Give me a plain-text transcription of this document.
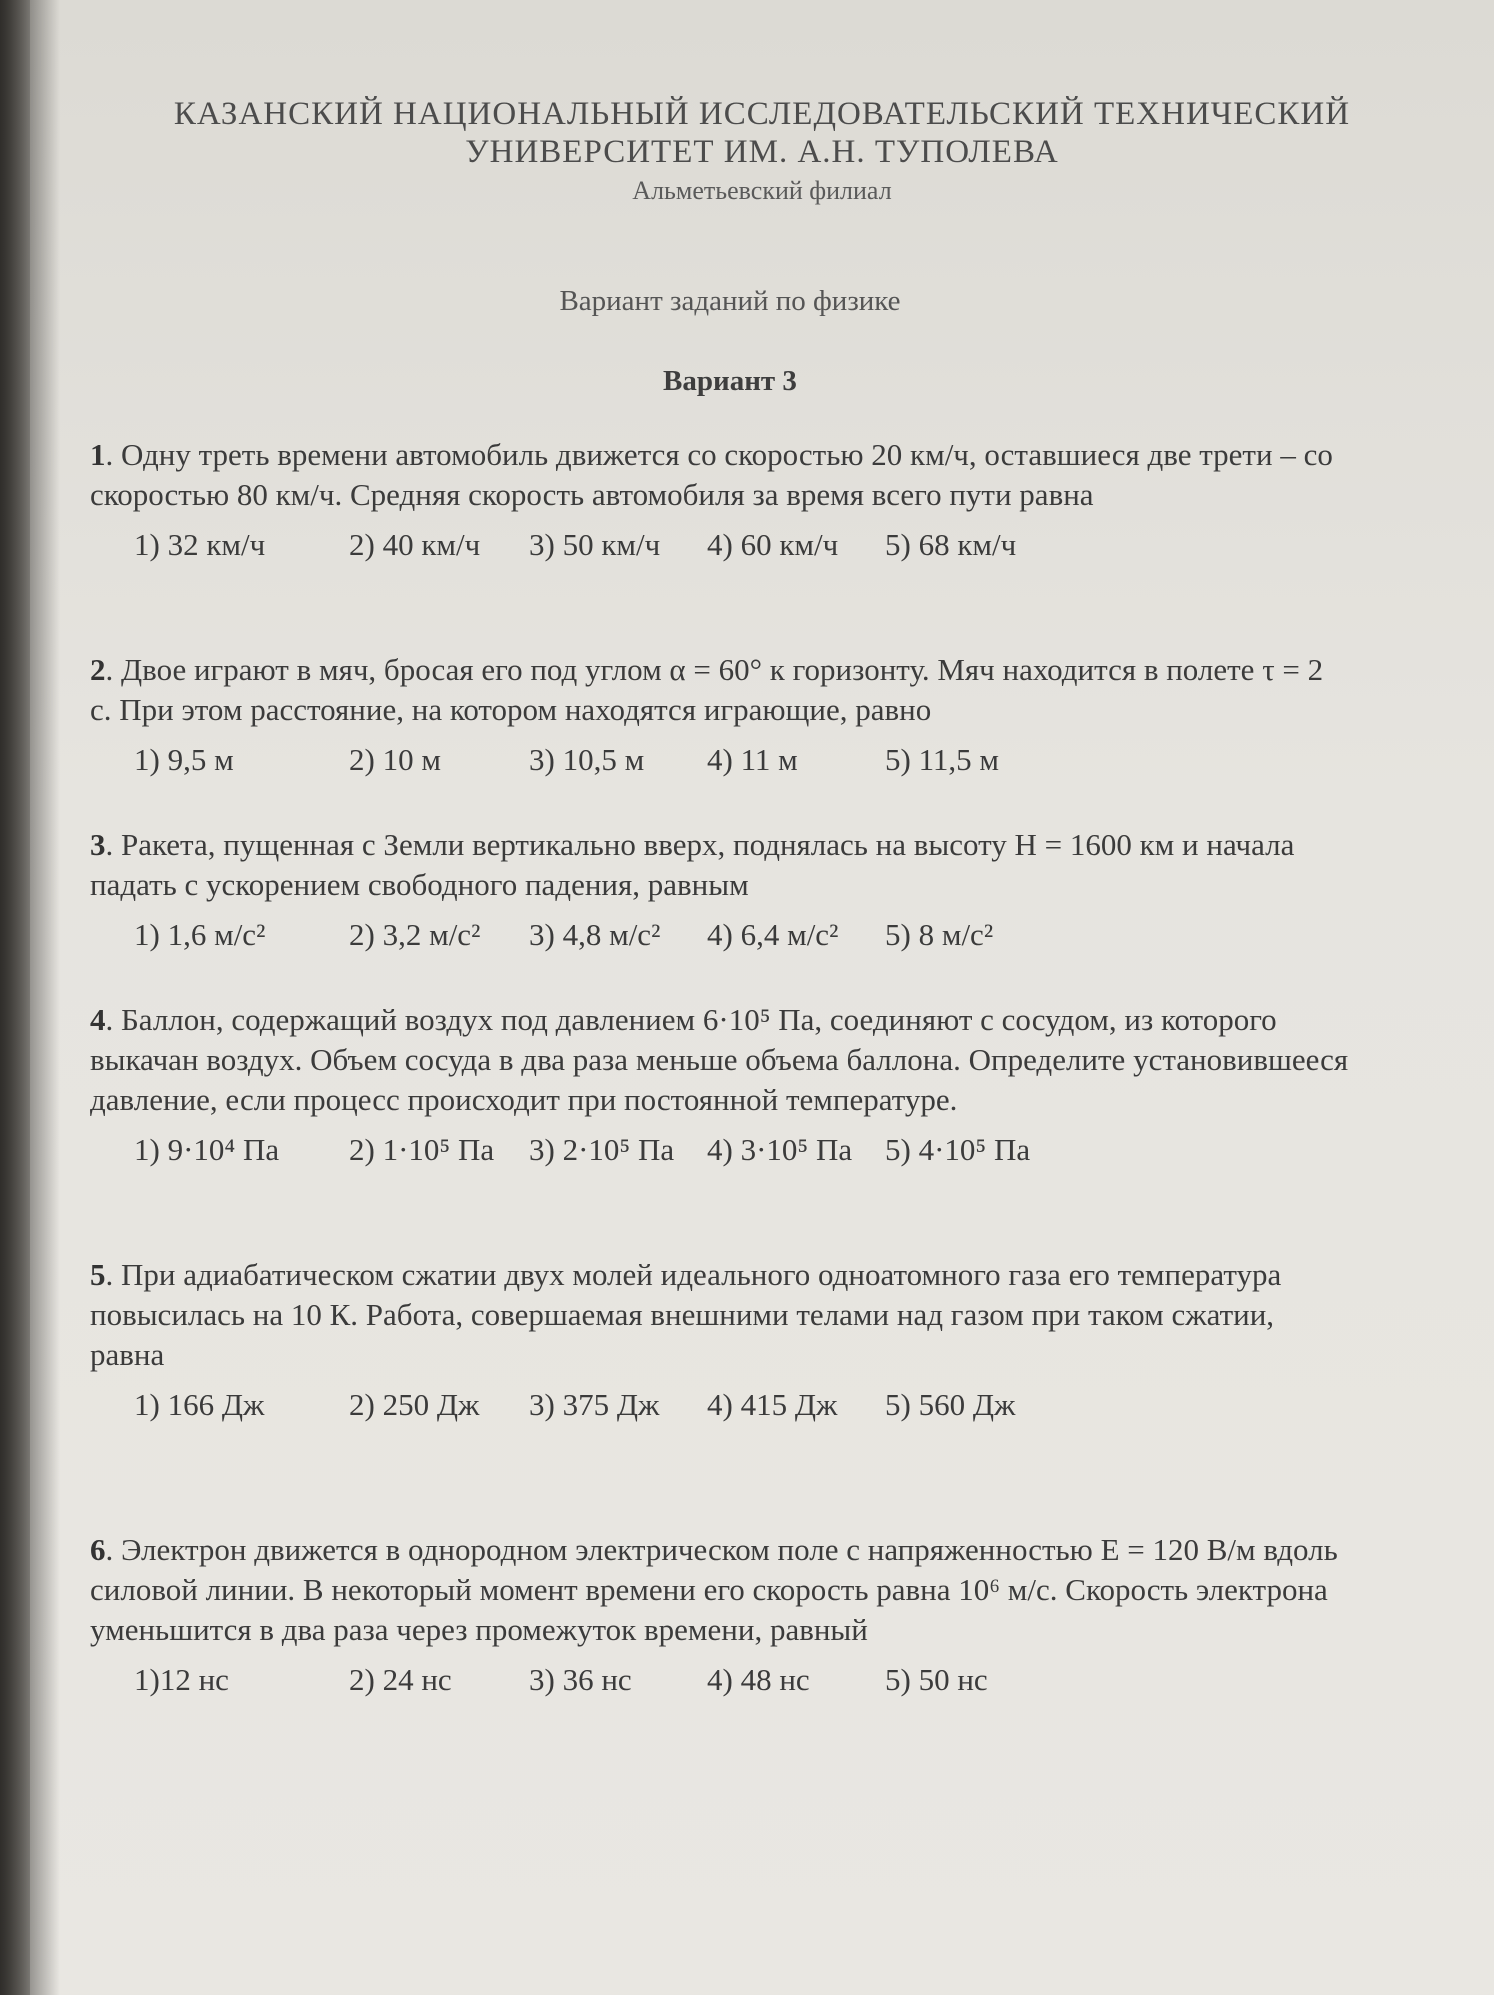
КАЗАНСКИЙ НАЦИОНАЛЬНЫЙ ИССЛЕДОВАТЕЛЬСКИЙ ТЕХНИЧЕСКИЙ
УНИВЕРСИТЕТ ИМ. А.Н. ТУПОЛЕВА
Альметьевский филиал
Вариант заданий по физике
Вариант 3
1. Одну треть времени автомобиль движется со скоростью 20 км/ч, оставшиеся две трети – со скоростью 80 км/ч. Средняя скорость автомобиля за время всего пути равна
1) 32 км/ч	2) 40 км/ч	3) 50 км/ч	4) 60 км/ч	5) 68 км/ч
2. Двое играют в мяч, бросая его под углом α = 60° к горизонту. Мяч находится в полете τ = 2 с. При этом расстояние, на котором находятся играющие, равно
1) 9,5 м	2) 10 м	3) 10,5 м	4) 11 м	5) 11,5 м
3. Ракета, пущенная с Земли вертикально вверх, поднялась на высоту H = 1600 км и начала падать с ускорением свободного падения, равным
1) 1,6 м/с²	2) 3,2 м/с²	3) 4,8 м/с²	4) 6,4 м/с²	5) 8 м/с²
4. Баллон, содержащий воздух под давлением 6·10⁵ Па, соединяют с сосудом, из которого выкачан воздух. Объем сосуда в два раза меньше объема баллона. Определите установившееся давление, если процесс происходит при постоянной температуре.
1) 9·10⁴ Па	2) 1·10⁵ Па	3) 2·10⁵ Па	4) 3·10⁵ Па	5) 4·10⁵ Па
5. При адиабатическом сжатии двух молей идеального одноатомного газа его температура повысилась на 10 К. Работа, совершаемая внешними телами над газом при таком сжатии, равна
1) 166 Дж	2) 250 Дж	3) 375 Дж	4) 415 Дж	5) 560 Дж
6. Электрон движется в однородном электрическом поле с напряженностью E = 120 В/м вдоль силовой линии. В некоторый момент времени его скорость равна 10⁶ м/с. Скорость электрона уменьшится в два раза через промежуток времени, равный
1)12 нс	2) 24 нс	3) 36 нс	4) 48 нс	5) 50 нс
